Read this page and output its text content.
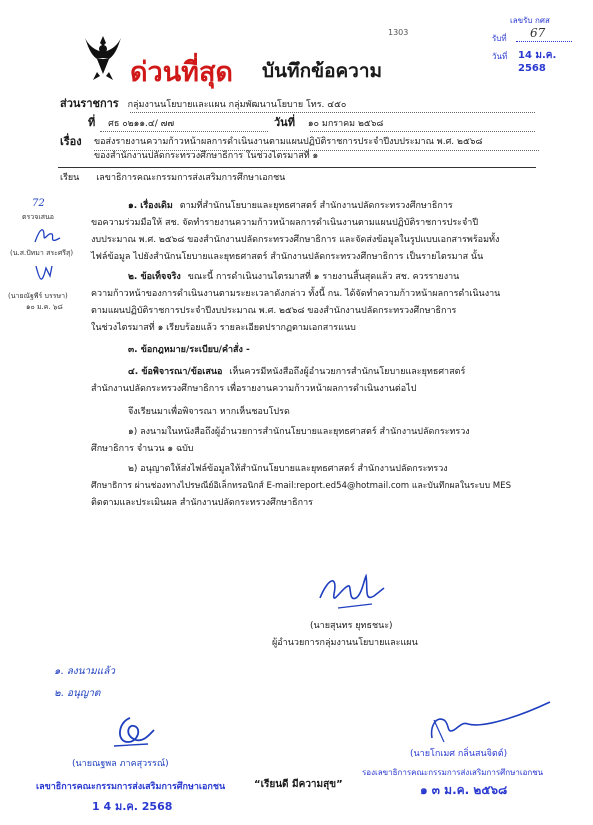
1303
เลขรับ กศส
รับที่ 67
วันที่ 14 ม.ค. 2568
ด่วนที่สุด บันทึกข้อความ
ส่วนราชการ กลุ่มงานนโยบายและแผน กลุ่มพัฒนานโยบาย โทร. ๔๕๐
ที่ ศธ ๐๒๑๑.๔/ ๗๗	วันที่ ๑๐ มกราคม ๒๕๖๘
เรื่อง ขอส่งรายงานความก้าวหน้าผลการดำเนินงานตามแผนปฏิบัติราชการประจำปีงบประมาณ พ.ศ. ๒๕๖๘
ของสำนักงานปลัดกระทรวงศึกษาธิการ ในช่วงไตรมาสที่ ๑
เรียน เลขาธิการคณะกรรมการส่งเสริมการศึกษาเอกชน
๑. เรื่องเดิม ตามที่สำนักนโยบายและยุทธศาสตร์ สำนักงานปลัดกระทรวงศึกษาธิการ
ขอความร่วมมือให้ สช. จัดทำรายงานความก้าวหน้าผลการดำเนินงานตามแผนปฏิบัติราชการประจำปี
งบประมาณ พ.ศ. ๒๕๖๘ ของสำนักงานปลัดกระทรวงศึกษาธิการ และจัดส่งข้อมูลในรูปแบบเอกสารพร้อมทั้ง
ไฟล์ข้อมูล ไปยังสำนักนโยบายและยุทธศาสตร์ สำนักงานปลัดกระทรวงศึกษาธิการ เป็นรายไตรมาส นั้น
๒. ข้อเท็จจริง ขณะนี้ การดำเนินงานไตรมาสที่ ๑ รายงานสิ้นสุดแล้ว สช. ควรรายงาน
ความก้าวหน้าของการดำเนินงานตามระยะเวลาดังกล่าว ทั้งนี้ กน. ได้จัดทำความก้าวหน้าผลการดำเนินงาน
ตามแผนปฏิบัติราชการประจำปีงบประมาณ พ.ศ. ๒๕๖๘ ของสำนักงานปลัดกระทรวงศึกษาธิการ
ในช่วงไตรมาสที่ ๑ เรียบร้อยแล้ว รายละเอียดปรากฏตามเอกสารแนบ
๓. ข้อกฎหมาย/ระเบียบ/คำสั่ง -
๔. ข้อพิจารณา/ข้อเสนอ เห็นควรมีหนังสือถึงผู้อำนวยการสำนักนโยบายและยุทธศาสตร์
สำนักงานปลัดกระทรวงศึกษาธิการ เพื่อรายงานความก้าวหน้าผลการดำเนินงานต่อไป
จึงเรียนมาเพื่อพิจารณา หากเห็นชอบโปรด
๑) ลงนามในหนังสือถึงผู้อำนวยการสำนักนโยบายและยุทธศาสตร์ สำนักงานปลัดกระทรวง
ศึกษาธิการ จำนวน ๑ ฉบับ
๒) อนุญาตให้ส่งไฟล์ข้อมูลให้สำนักนโยบายและยุทธศาสตร์ สำนักงานปลัดกระทรวง
ศึกษาธิการ ผ่านช่องทางไปรษณีย์อิเล็กทรอนิกส์ E-mail:report.ed54@hotmail.com และบันทึกผลในระบบ MES
ติดตามและประเมินผล สำนักงานปลัดกระทรวงศึกษาธิการ
72
ตรวจเสนอ
(น.ส.ปัทมา สระศรีสุ)
(นายณัฐพีร์ บรรษา)
๑๐ ม.ค. ๖๘
(นายสุนทร ยุทธชนะ)
ผู้อำนวยการกลุ่มงานนโยบายและแผน
๑. ลงนามแล้ว
๒. อนุญาต
(นายณฐพล ภาคสุวรรณ์)
เลขาธิการคณะกรรมการส่งเสริมการศึกษาเอกชน
1 4 ม.ค. 2568
“เรียนดี มีความสุข”
(นายโกเมศ กลิ่นสนจิตต์)
รองเลขาธิการคณะกรรมการส่งเสริมการศึกษาเอกชน
๑ ๓ ม.ค. ๒๕๖๘
